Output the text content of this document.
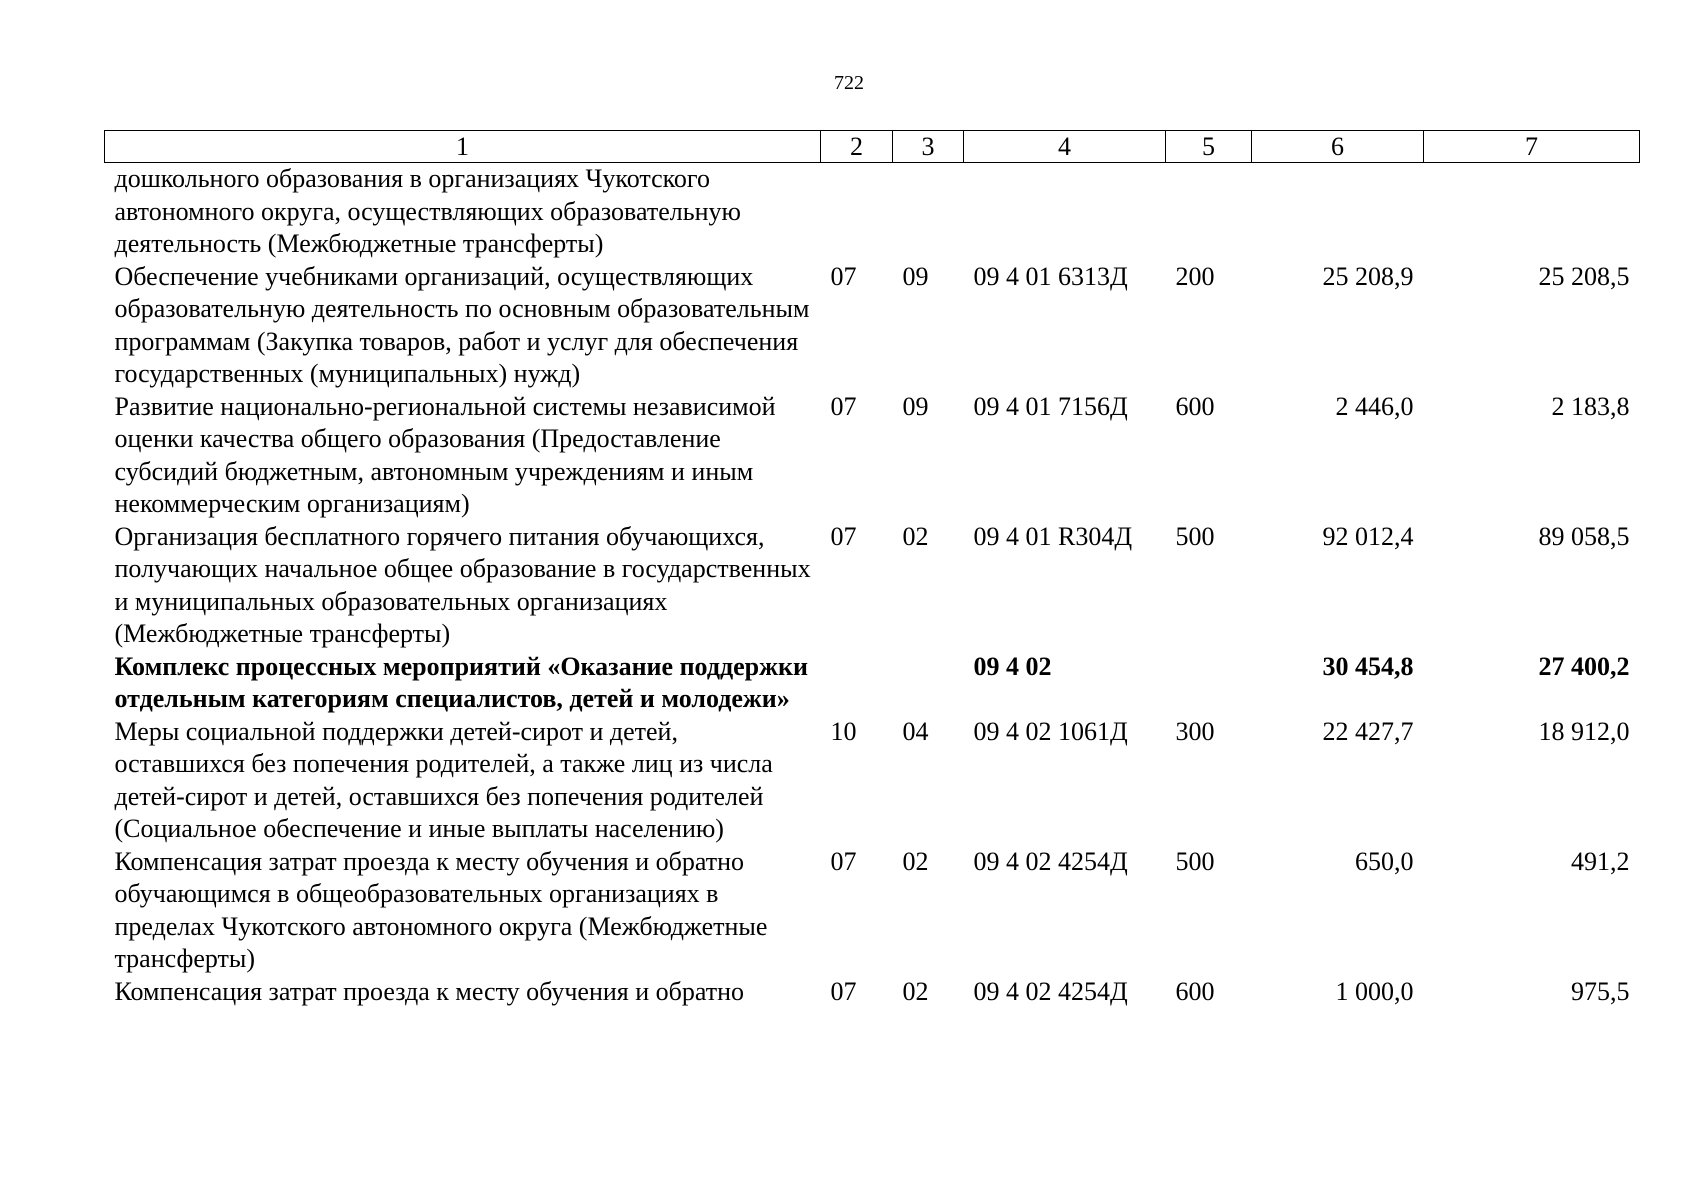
722
1	2	3	4	5	6	7
дошкольного образования в организациях Чукотского автономного округа, осуществляющих образовательную деятельность (Межбюджетные трансферты)						
Обеспечение учебниками организаций, осуществляющих образовательную деятельность по основным образовательным программам (Закупка товаров, работ и услуг для обеспечения государственных (муниципальных) нужд)	07	09	09 4 01 6313Д	200	25 208,9	25 208,5
Развитие национально-региональной системы независимой оценки качества общего образования (Предоставление субсидий бюджетным, автономным учреждениям и иным некоммерческим организациям)	07	09	09 4 01 7156Д	600	2 446,0	2 183,8
Организация бесплатного горячего питания обучающихся, получающих начальное общее образование в государственных и муниципальных образовательных организациях (Межбюджетные трансферты)	07	02	09 4 01 R304Д	500	92 012,4	89 058,5
Комплекс процессных мероприятий «Оказание поддержки отдельным категориям специалистов, детей и молодежи»			09 4 02		30 454,8	27 400,2
Меры социальной поддержки детей-сирот и детей, оставшихся без попечения родителей, а также лиц из числа детей-сирот и детей, оставшихся без попечения родителей (Социальное обеспечение и иные выплаты населению)	10	04	09 4 02 1061Д	300	22 427,7	18 912,0
Компенсация затрат проезда к месту обучения и обратно обучающимся в общеобразовательных организациях в пределах Чукотского автономного округа (Межбюджетные трансферты)	07	02	09 4 02 4254Д	500	650,0	491,2
Компенсация затрат проезда к месту обучения и обратно	07	02	09 4 02 4254Д	600	1 000,0	975,5
